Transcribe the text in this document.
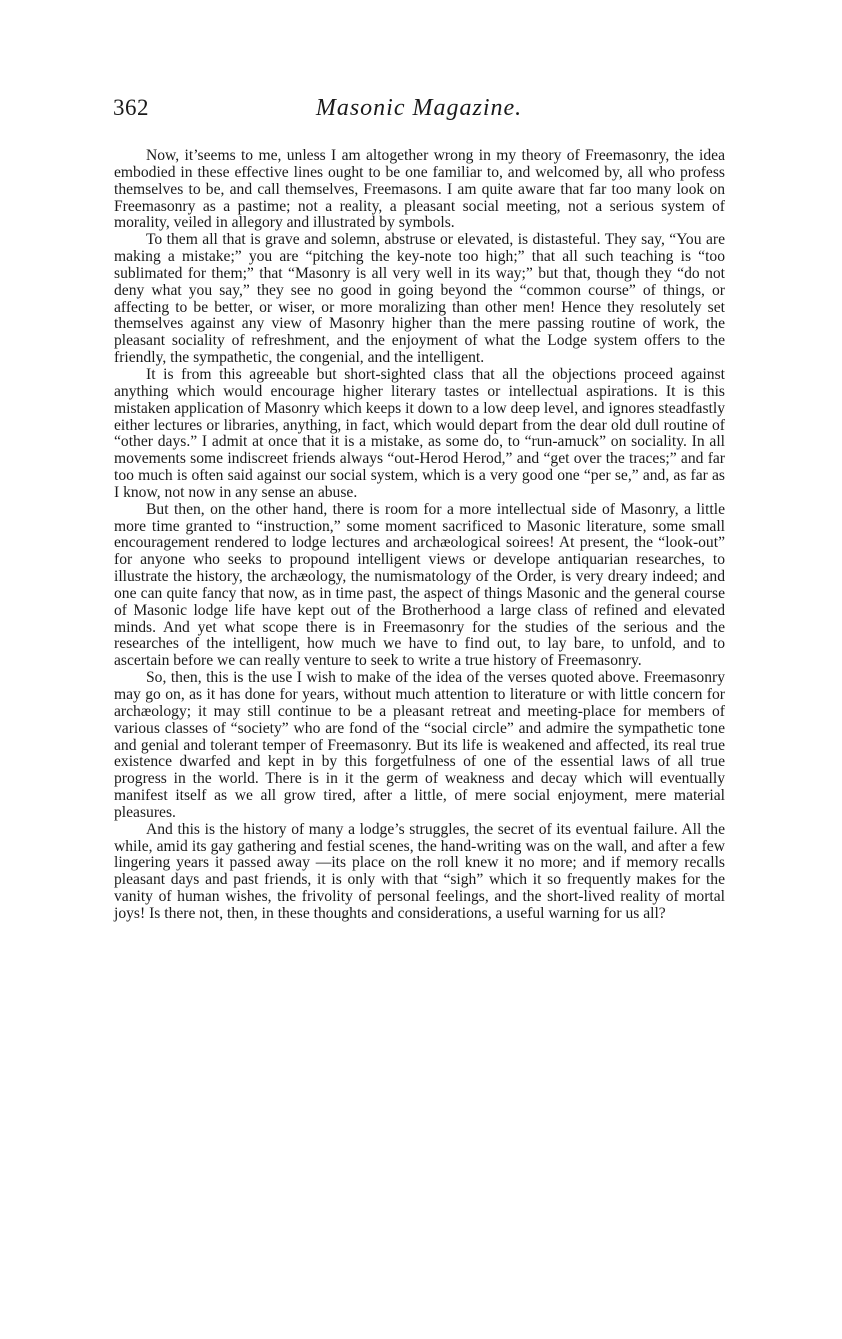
362	Masonic Magazine.

Now, it’seems to me, unless I am altogether wrong in my theory of Freemasonry, the idea embodied in these effective lines ought to be one familiar to, and welcomed by, all who profess themselves to be, and call themselves, Freemasons. I am quite aware that far too many look on Freemasonry as a pastime; not a reality, a pleasant social meeting, not a serious system of morality, veiled in allegory and illustrated by symbols.

To them all that is grave and solemn, abstruse or elevated, is distasteful. They say, “You are making a mistake;” you are “pitching the key-note too high;” that all such teaching is “too sublimated for them;” that “Masonry is all very well in its way;” but that, though they “do not deny what you say,” they see no good in going beyond the “common course” of things, or affecting to be better, or wiser, or more moralizing than other men! Hence they resolutely set themselves against any view of Masonry higher than the mere passing routine of work, the pleasant sociality of refreshment, and the enjoyment of what the Lodge system offers to the friendly, the sympathetic, the congenial, and the intelligent.

It is from this agreeable but short-sighted class that all the objections proceed against anything which would encourage higher literary tastes or intellectual aspirations. It is this mistaken application of Masonry which keeps it down to a low deep level, and ignores steadfastly either lectures or libraries, anything, in fact, which would depart from the dear old dull routine of “other days.” I admit at once that it is a mistake, as some do, to “run-amuck” on sociality. In all movements some indiscreet friends always “out-Herod Herod,” and “get over the traces;” and far too much is often said against our social system, which is a very good one “per se,” and, as far as I know, not now in any sense an abuse.

But then, on the other hand, there is room for a more intellectual side of Masonry, a little more time granted to “instruction,” some moment sacrificed to Masonic literature, some small encouragement rendered to lodge lectures and archæological soirees! At present, the “look-out” for anyone who seeks to propound intelligent views or develope antiquarian researches, to illustrate the history, the archæology, the numismatology of the Order, is very dreary indeed; and one can quite fancy that now, as in time past, the aspect of things Masonic and the general course of Masonic lodge life have kept out of the Brotherhood a large class of refined and elevated minds. And yet what scope there is in Freemasonry for the studies of the serious and the researches of the intelligent, how much we have to find out, to lay bare, to unfold, and to ascertain before we can really venture to seek to write a true history of Freemasonry.

So, then, this is the use I wish to make of the idea of the verses quoted above. Freemasonry may go on, as it has done for years, without much attention to literature or with little concern for archæology; it may still continue to be a pleasant retreat and meeting-place for members of various classes of “society” who are fond of the “social circle” and admire the sympathetic tone and genial and tolerant temper of Freemasonry. But its life is weakened and affected, its real true existence dwarfed and kept in by this forgetfulness of one of the essential laws of all true progress in the world. There is in it the germ of weakness and decay which will eventually manifest itself as we all grow tired, after a little, of mere social enjoyment, mere material pleasures.

And this is the history of many a lodge’s struggles, the secret of its eventual failure. All the while, amid its gay gathering and festial scenes, the hand-writing was on the wall, and after a few lingering years it passed away —its place on the roll knew it no more; and if memory recalls pleasant days and past friends, it is only with that “sigh” which it so frequently makes for the vanity of human wishes, the frivolity of personal feelings, and the short-lived reality of mortal joys! Is there not, then, in these thoughts and considerations, a useful warning for us all?
